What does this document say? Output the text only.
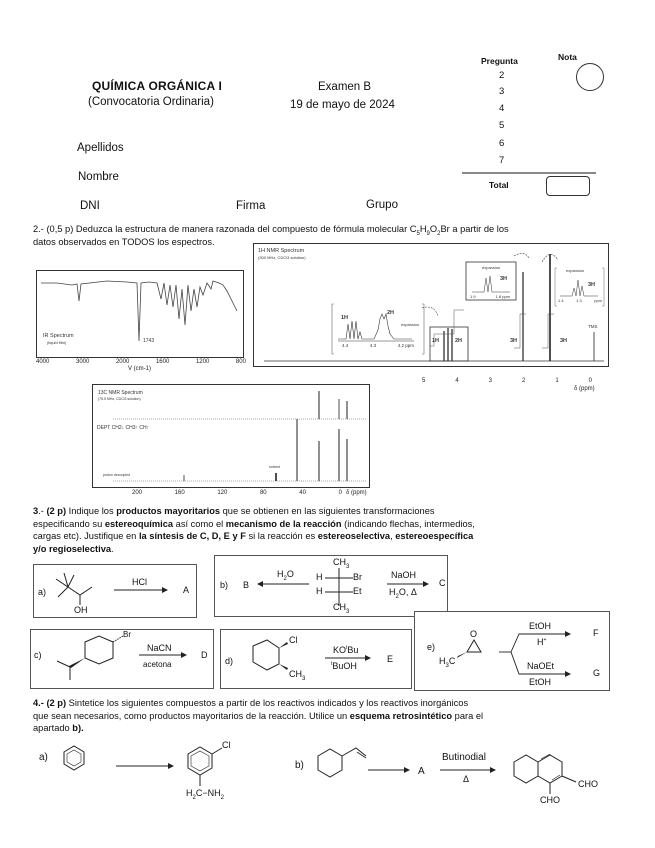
QUÍMICA ORGÁNICA I
(Convocatoria Ordinaria)
Examen B
19 de mayo de 2024
Apellidos
Nombre
DNI	Firma	Grupo
Pregunta	Nota
2
3
4
5
6
7
Total
2.- (0,5 p) Deduzca la estructura de manera razonada del compuesto de fórmula molecular $C_5H_9O_2Br$ a partir de los
datos observados en TODOS los espectros.
IR Spectrum
(liquid film)	1743
4000	3000	2000	1600	1200	800
V (cm-1)
1H NMR Spectrum
(300 MHz, CDCl3 solution)
1H
2H
expansion
4.4	4.3	4.2 ppm
expansion
3H
1.9	1.8 ppm
expansion
3H
1.4	1.3	ppm
1H	2H	3H	3H
TMS
5	4	3	2	1	0
δ (ppm)
13C NMR Spectrum
(75.5 MHz, CDCl3 solution)
DEPT CH2↓ CH3↑ CH↑
proton decoupled
solvent
200	160	120	80	40	0 δ (ppm)
3.- (2 p) Indique los productos mayoritarios que se obtienen en las siguientes transformaciones
especificando su estereoquímica así como el mecanismo de la reacción (indicando flechas, intermedios,
cargas etc). Justifique en la síntesis de C, D, E y F si la reacción es estereoselectiva, estereoespecífica
y/o regioselectiva.
a)
OH
HCl
A	b) B
$H_2O$
$CH_3$
H
H
Br
Et
$CH_3$
NaOH
$H_2O$, Δ
C
c)
Br
NaCN
acetona
D
d)
Cl
$CH_3$
$KO^tBu$
$^t$BuOH
E
e)
O
$H_3C$
EtOH
H+
F
NaOEt
EtOH
G
4.- (2 p) Sintetice los siguientes compuestos a partir de los reactivos indicados y los reactivos inorgánicos
que sean necesarios, como productos mayoritarios de la reacción. Utilice un esquema retrosintético para el
apartado b).
a)
Cl
$H_2C-NH_2$
b)
A
Butinodial
Δ	CHO
CHO
